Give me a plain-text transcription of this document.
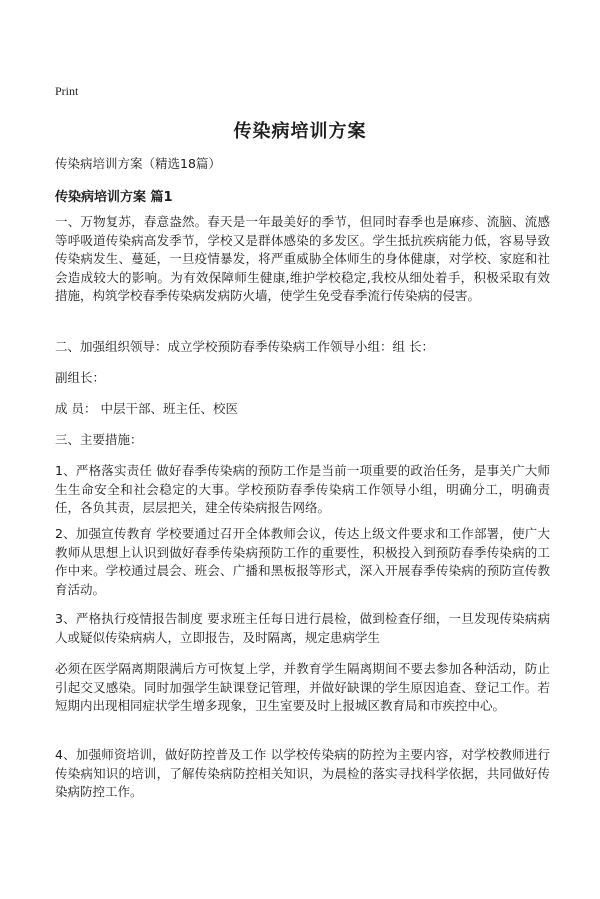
Print
传染病培训方案
传染病培训方案（精选18篇）
传染病培训方案 篇1
一、万物复苏，春意盎然。春天是一年最美好的季节，但同时春季也是麻疹、流脑、流感等呼吸道传染病高发季节，学校又是群体感染的多发区。学生抵抗疾病能力低，容易导致传染病发生、蔓延，一旦疫情暴发，将严重威胁全体师生的身体健康，对学校、家庭和社会造成较大的影响。为有效保障师生健康,维护学校稳定,我校从细处着手，积极采取有效措施，构筑学校春季传染病发病防火墙，使学生免受春季流行传染病的侵害。
二、加强组织领导：成立学校预防春季传染病工作领导小组：组 长：
副组长：
成 员： 中层干部、班主任、校医
三、主要措施：
1、严格落实责任 做好春季传染病的预防工作是当前一项重要的政治任务，是事关广大师生生命安全和社会稳定的大事。学校预防春季传染病工作领导小组，明确分工，明确责任，各负其责，层层把关，建全传染病报告网络。
2、加强宣传教育 学校要通过召开全体教师会议，传达上级文件要求和工作部署，使广大教师从思想上认识到做好春季传染病预防工作的重要性，积极投入到预防春季传染病的工作中来。学校通过晨会、班会、广播和黑板报等形式，深入开展春季传染病的预防宣传教育活动。
3、严格执行疫情报告制度 要求班主任每日进行晨检，做到检查仔细，一旦发现传染病病人或疑似传染病病人，立即报告，及时隔离，规定患病学生
必须在医学隔离期限满后方可恢复上学，并教育学生隔离期间不要去参加各种活动，防止引起交叉感染。同时加强学生缺课登记管理，并做好缺课的学生原因追查、登记工作。若短期内出现相同症状学生增多现象，卫生室要及时上报城区教育局和市疾控中心。
4、加强师资培训，做好防控普及工作 以学校传染病的防控为主要内容，对学校教师进行传染病知识的培训，了解传染病防控相关知识，为晨检的落实寻找科学依据，共同做好传染病防控工作。
